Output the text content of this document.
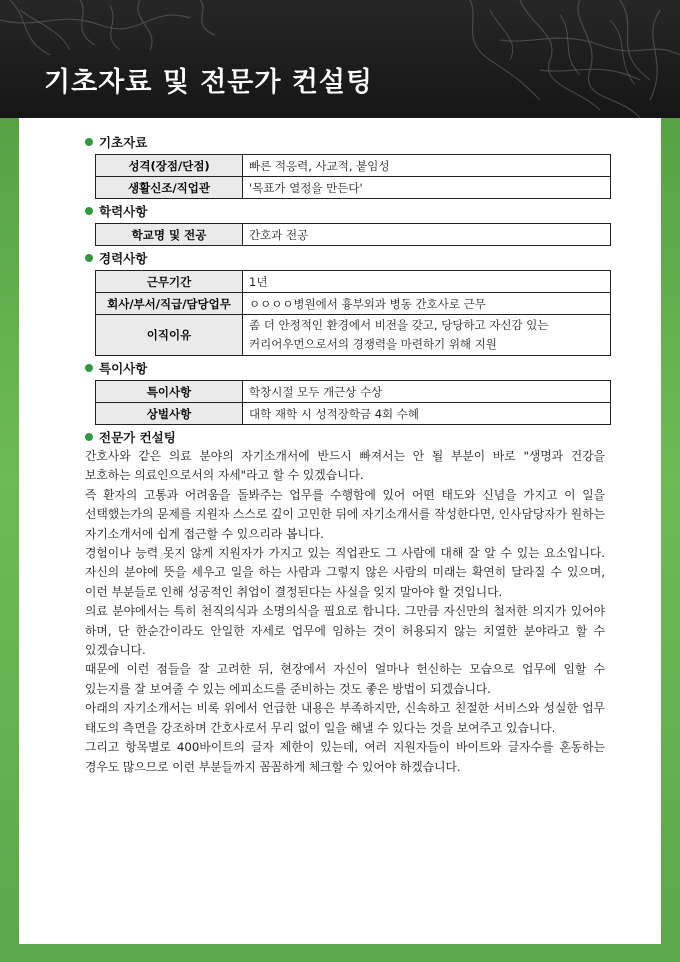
기초자료 및 전문가 컨설팅
기초자료
성격(장점/단점)	빠른 적응력, 사교적, 붙임성
생활신조/직업관	'목표가 열정을 만든다'
학력사항
학교명 및 전공	간호과 전공
경력사항
근무기간	1년
회사/부서/직급/담당업무	ㅇㅇㅇㅇ병원에서 흉부외과 병동 간호사로 근무
이직이유	좀 더 안정적인 환경에서 비전을 갖고, 당당하고 자신감 있는
커리어우먼으로서의 경쟁력을 마련하기 위해 지원
특이사항
특이사항	학창시절 모두 개근상 수상
상벌사항	대학 재학 시 성적장학금 4회 수혜
전문가 컨설팅

간호사와 같은 의료 분야의 자기소개서에 반드시 빠져서는 안 될 부분이 바로 "생명과 건강을 보호하는 의료인으로서의 자세"라고 할 수 있겠습니다.

즉 환자의 고통과 어려움을 돌봐주는 업무를 수행함에 있어 어떤 태도와 신념을 가지고 이 일을 선택했는가의 문제를 지원자 스스로 깊이 고민한 뒤에 자기소개서를 작성한다면, 인사담당자가 원하는 자기소개서에 쉽게 접근할 수 있으리라 봅니다.

경험이나 능력 못지 않게 지원자가 가지고 있는 직업관도 그 사람에 대해 잘 알 수 있는 요소입니다. 자신의 분야에 뜻을 세우고 일을 하는 사람과 그렇지 않은 사람의 미래는 확연히 달라질 수 있으며, 이런 부분들로 인해 성공적인 취업이 결정된다는 사실을 잊지 말아야 할 것입니다.

의료 분야에서는 특히 천직의식과 소명의식을 필요로 합니다. 그만큼 자신만의 철저한 의지가 있어야 하며, 단 한순간이라도 안일한 자세로 업무에 임하는 것이 허용되지 않는 치열한 분야라고 할 수 있겠습니다.

때문에 이런 점들을 잘 고려한 뒤, 현장에서 자신이 얼마나 헌신하는 모습으로 업무에 임할 수 있는지를 잘 보여줄 수 있는 에피소드를 준비하는 것도 좋은 방법이 되겠습니다.

아래의 자기소개서는 비록 위에서 언급한 내용은 부족하지만, 신속하고 친절한 서비스와 성실한 업무 태도의 측면을 강조하며 간호사로서 무리 없이 일을 해낼 수 있다는 것을 보여주고 있습니다.

그리고 항목별로 400바이트의 글자 제한이 있는데, 여러 지원자들이 바이트와 글자수를 혼동하는 경우도 많으므로 이런 부분들까지 꼼꼼하게 체크할 수 있어야 하겠습니다.
